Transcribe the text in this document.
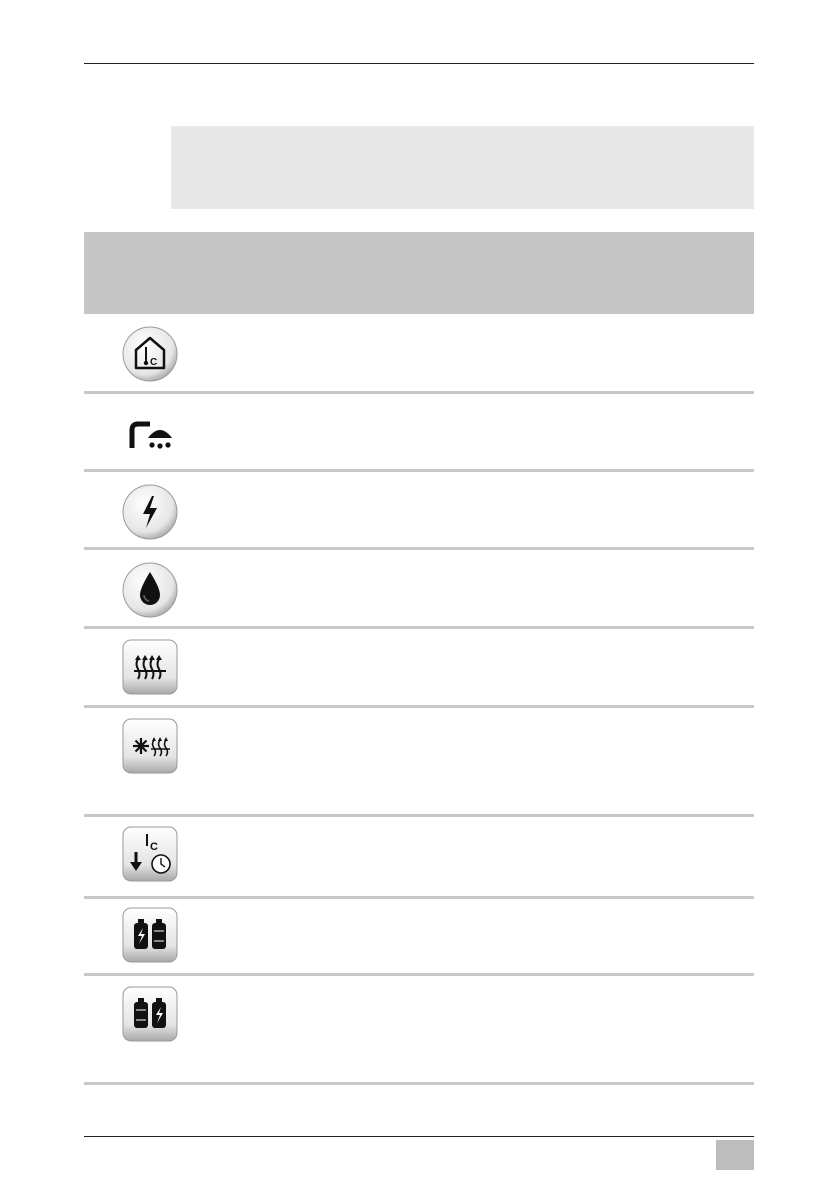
C
C
